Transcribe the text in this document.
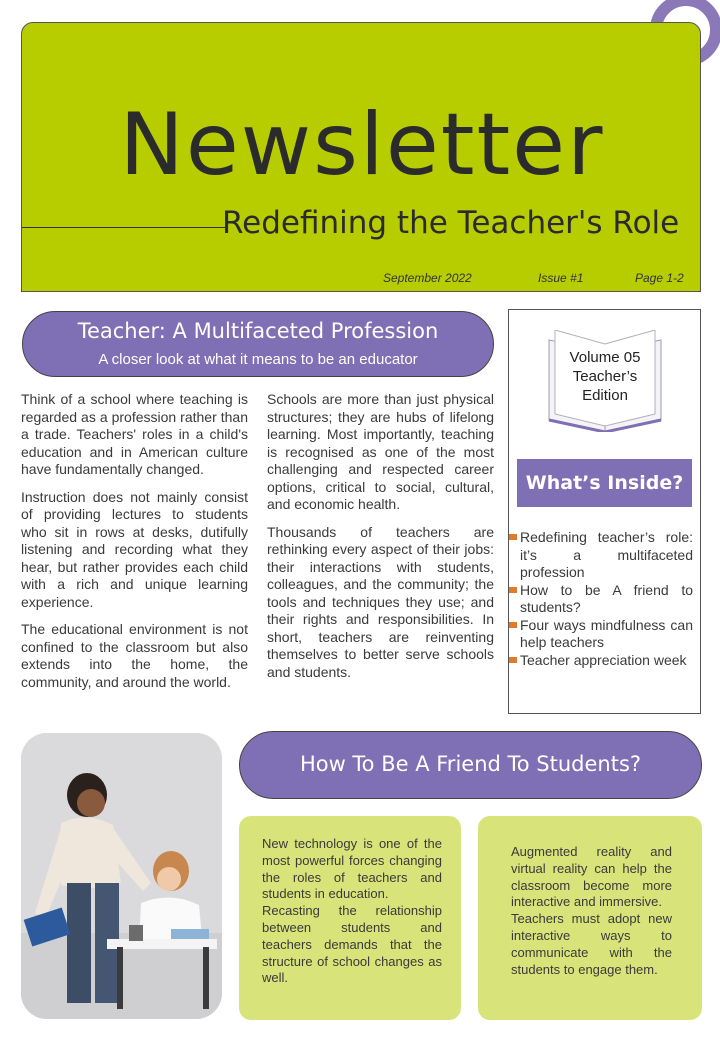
Newsletter
Redefining the Teacher's Role
September 2022	Issue #1	Page 1-2
Teacher: A Multifaceted Profession
A closer look at what it means to be an educator

Think of a school where teaching is regarded as a profession rather than a trade. Teachers' roles in a child's education and in American culture have fundamentally changed.

Instruction does not mainly consist of providing lectures to students who sit in rows at desks, dutifully listening and recording what they hear, but rather provides each child with a rich and unique learning experience.

The educational environment is not confined to the classroom but also extends into the home, the community, and around the world.

Schools are more than just physical structures; they are hubs of lifelong learning. Most importantly, teaching is recognised as one of the most challenging and respected career options, critical to social, cultural, and economic health.

Thousands of teachers are rethinking every aspect of their jobs: their interactions with students, colleagues, and the community; the tools and techniques they use; and their rights and responsibilities. In short, teachers are reinventing themselves to better serve schools and students.

Volume 05
Teacher’s
Edition
What’s Inside?
Redefining teacher’s role: it’s a multifaceted profession
How to be A friend to students?
Four ways mindfulness can help teachers
Teacher appreciation week
How To Be A Friend To Students?
New technology is one of the most powerful forces changing the roles of teachers and students in education.
Recasting the relationship between students and teachers demands that the structure of school changes as well.
Augmented reality and virtual reality can help the classroom become more interactive and immersive.
Teachers must adopt new interactive ways to communicate with the students to engage them.
